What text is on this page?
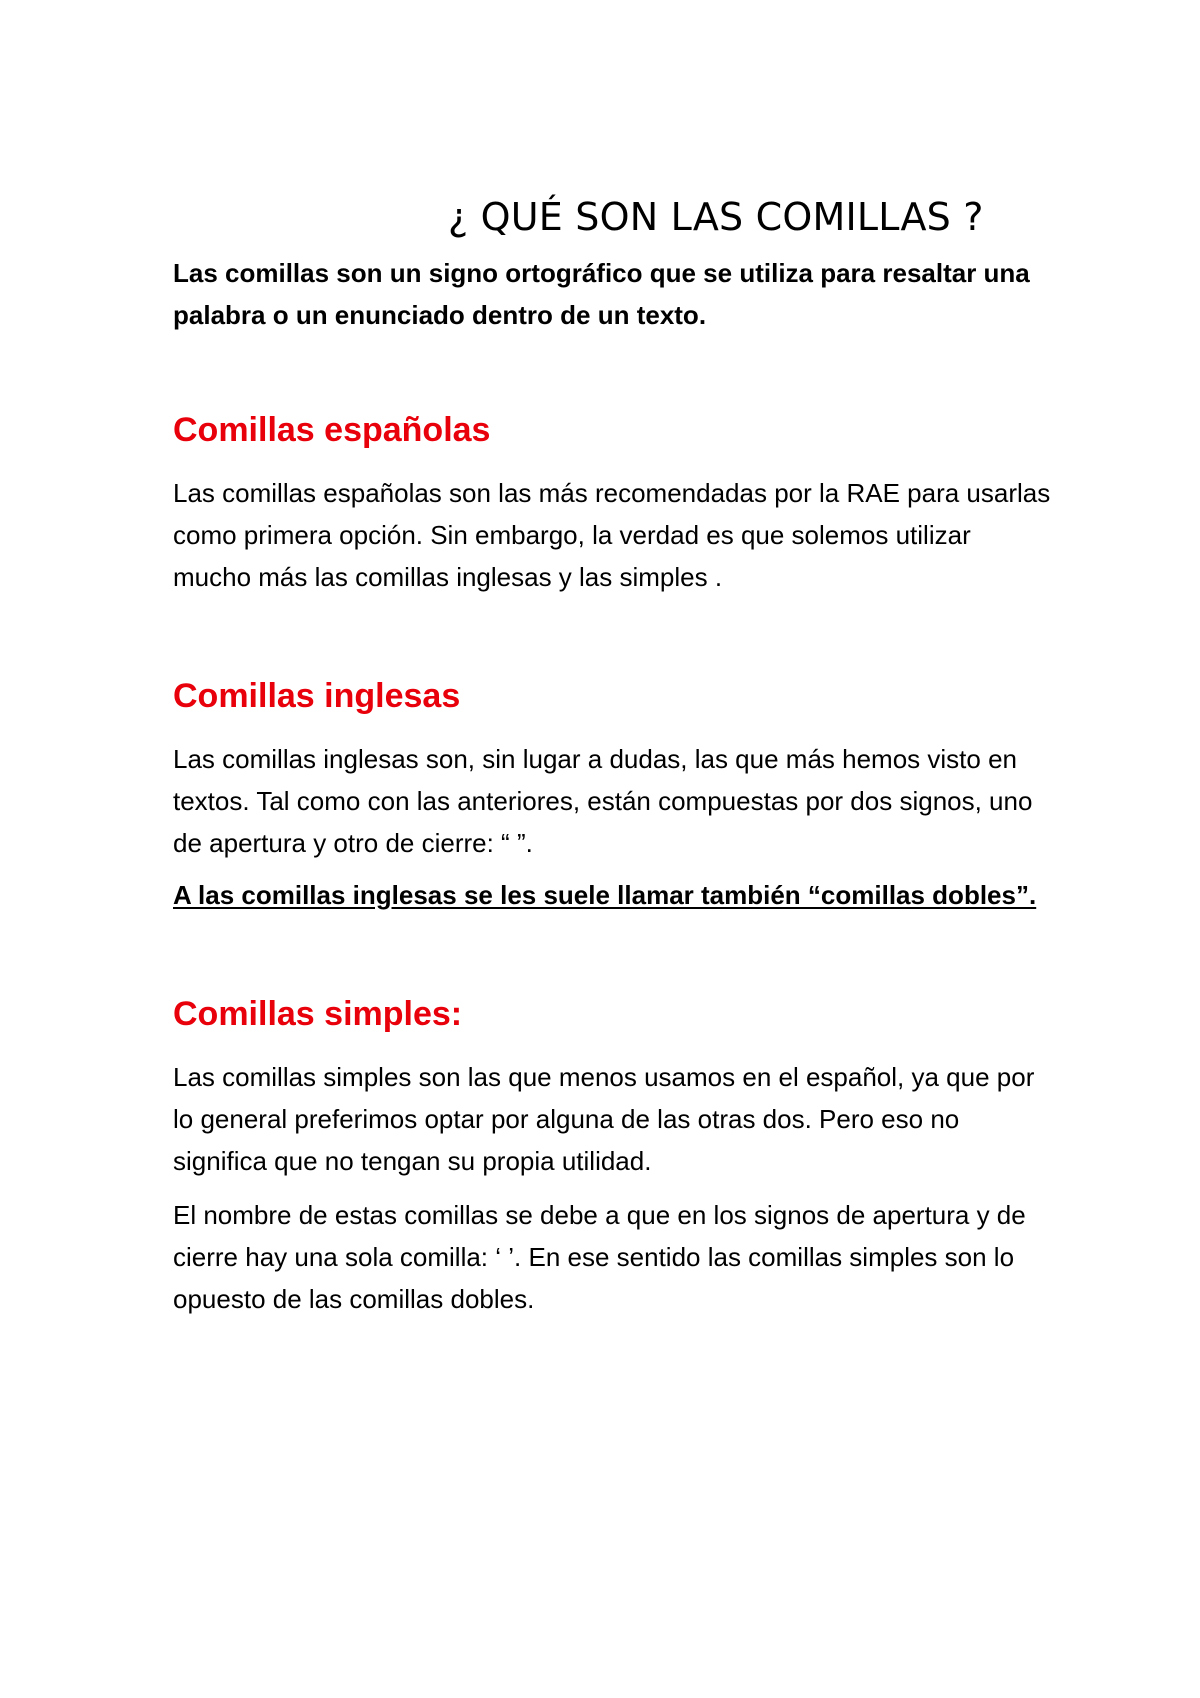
¿ QUÉ SON LAS COMILLAS ?

Las comillas son un signo ortográfico que se utiliza para resaltar una palabra o un enunciado dentro de un texto.

Comillas españolas

Las comillas españolas son las más recomendadas por la RAE para usarlas como primera opción. Sin embargo, la verdad es que solemos utilizar mucho más las comillas inglesas y las simples .

Comillas inglesas

Las comillas inglesas son, sin lugar a dudas, las que más hemos visto en textos. Tal como con las anteriores, están compuestas por dos signos, uno de apertura y otro de cierre: “ ”.

A las comillas inglesas se les suele llamar también “comillas dobles”.

Comillas simples:

Las comillas simples son las que menos usamos en el español, ya que por lo general preferimos optar por alguna de las otras dos. Pero eso no significa que no tengan su propia utilidad.

El nombre de estas comillas se debe a que en los signos de apertura y de cierre hay una sola comilla: ‘ ’. En ese sentido las comillas simples son lo opuesto de las comillas dobles.
